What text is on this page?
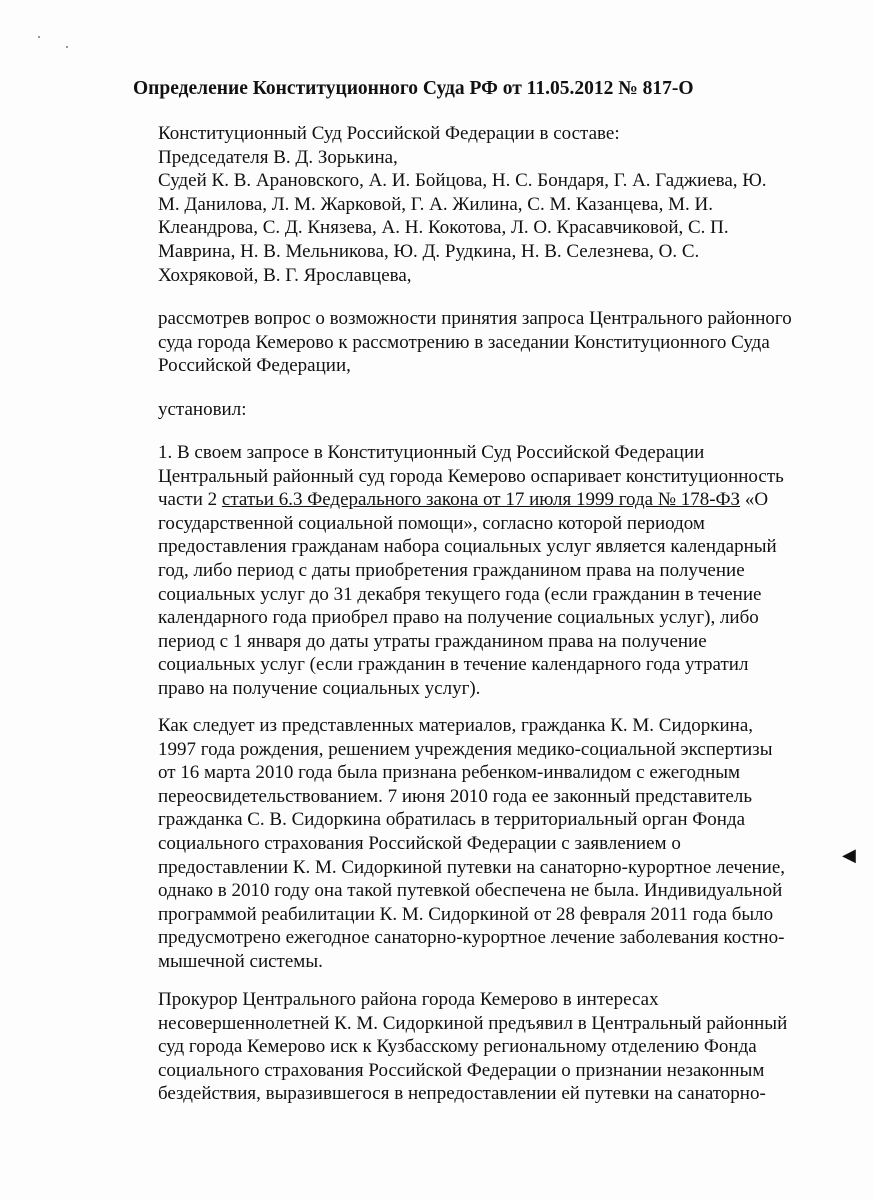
Определение Конституционного Суда РФ от 11.05.2012 № 817-О
Конституционный Суд Российской Федерации в составе:
Председателя В. Д. Зорькина,
Судей К. В. Арановского, А. И. Бойцова, Н. С. Бондаря, Г. А. Гаджиева, Ю.
М. Данилова, Л. М. Жарковой, Г. А. Жилина, С. М. Казанцева, М. И.
Клеандрова, С. Д. Князева, А. Н. Кокотова, Л. О. Красавчиковой, С. П.
Маврина, Н. В. Мельникова, Ю. Д. Рудкина, Н. В. Селезнева, О. С.
Хохряковой, В. Г. Ярославцева,
рассмотрев вопрос о возможности принятия запроса Центрального районного
суда города Кемерово к рассмотрению в заседании Конституционного Суда
Российской Федерации,
установил:
1. В своем запросе в Конституционный Суд Российской Федерации
Центральный районный суд города Кемерово оспаривает конституционность
части 2 статьи 6.3 Федерального закона от 17 июля 1999 года № 178-ФЗ «О
государственной социальной помощи», согласно которой периодом
предоставления гражданам набора социальных услуг является календарный
год, либо период с даты приобретения гражданином права на получение
социальных услуг до 31 декабря текущего года (если гражданин в течение
календарного года приобрел право на получение социальных услуг), либо
период с 1 января до даты утраты гражданином права на получение
социальных услуг (если гражданин в течение календарного года утратил
право на получение социальных услуг).
Как следует из представленных материалов, гражданка К. М. Сидоркина,
1997 года рождения, решением учреждения медико-социальной экспертизы
от 16 марта 2010 года была признана ребенком-инвалидом с ежегодным
переосвидетельствованием. 7 июня 2010 года ее законный представитель
гражданка С. В. Сидоркина обратилась в территориальный орган Фонда
социального страхования Российской Федерации с заявлением о
предоставлении К. М. Сидоркиной путевки на санаторно-курортное лечение,
однако в 2010 году она такой путевкой обеспечена не была. Индивидуальной
программой реабилитации К. М. Сидоркиной от 28 февраля 2011 года было
предусмотрено ежегодное санаторно-курортное лечение заболевания костно-
мышечной системы.
Прокурор Центрального района города Кемерово в интересах
несовершеннолетней К. М. Сидоркиной предъявил в Центральный районный
суд города Кемерово иск к Кузбасскому региональному отделению Фонда
социального страхования Российской Федерации о признании незаконным
бездействия, выразившегося в непредоставлении ей путевки на санаторно-
◀
